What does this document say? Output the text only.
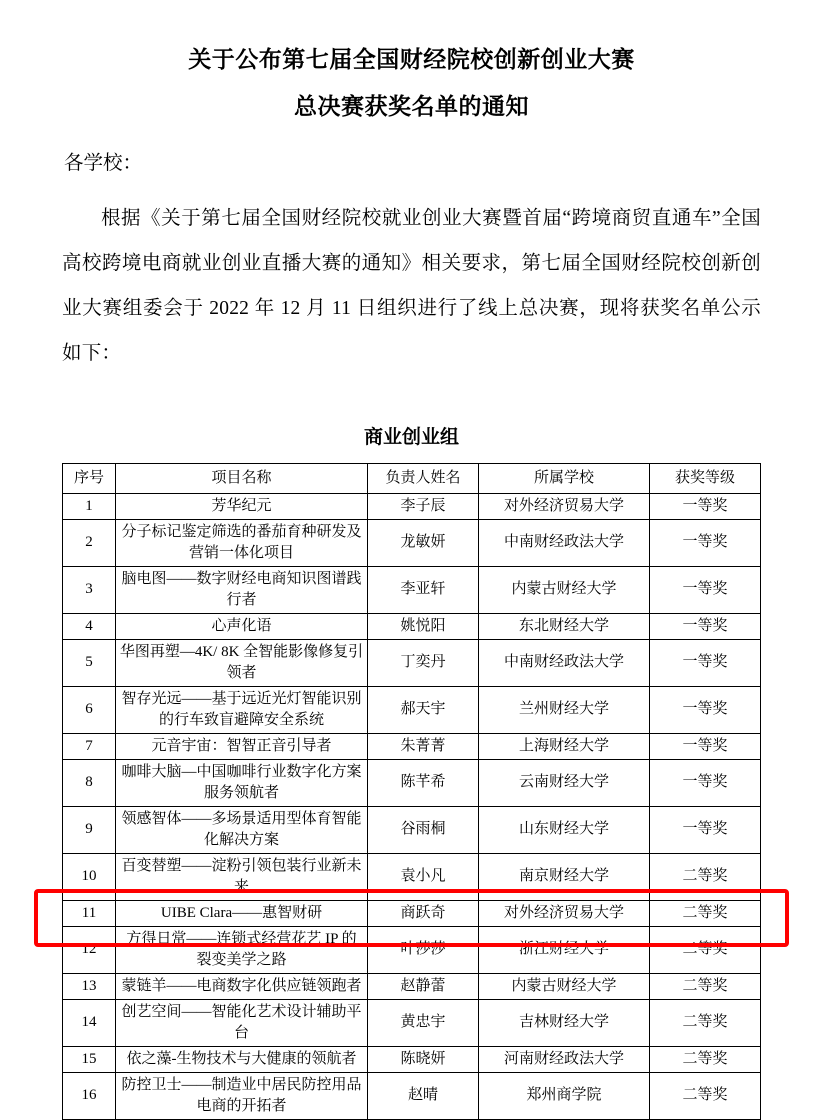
关于公布第七届全国财经院校创新创业大赛
总决赛获奖名单的通知
各学校：
根据《关于第七届全国财经院校就业创业大赛暨首届“跨境商贸直通车”全国高校跨境电商就业创业直播大赛的通知》相关要求，第七届全国财经院校创新创业大赛组委会于 2022 年 12 月 11 日组织进行了线上总决赛，现将获奖名单公示如下：
商业创业组
序号	项目名称	负责人姓名	所属学校	获奖等级
1	芳华纪元	李子辰	对外经济贸易大学	一等奖
2	分子标记鉴定筛选的番茄育种研发及营销一体化项目	龙敏妍	中南财经政法大学	一等奖
3	脑电图——数字财经电商知识图谱践行者	李亚轩	内蒙古财经大学	一等奖
4	心声化语	姚悦阳	东北财经大学	一等奖
5	华图再塑—4K/ 8K 全智能影像修复引领者	丁奕丹	中南财经政法大学	一等奖
6	智存光远——基于远近光灯智能识别的行车致盲避障安全系统	郝天宇	兰州财经大学	一等奖
7	元音宇宙：智智正音引导者	朱菁菁	上海财经大学	一等奖
8	咖啡大脑—中国咖啡行业数字化方案服务领航者	陈芊希	云南财经大学	一等奖
9	领感智体——多场景适用型体育智能化解决方案	谷雨桐	山东财经大学	一等奖
10	百变替塑——淀粉引领包装行业新未来	袁小凡	南京财经大学	二等奖
11	UIBE Clara——惠智财研	商跃奇	对外经济贸易大学	二等奖
12	方得日常——连锁式经营花艺 IP 的裂变美学之路	叶莎莎	浙江财经大学	二等奖
13	蒙链羊——电商数字化供应链领跑者	赵静蕾	内蒙古财经大学	二等奖
14	创艺空间——智能化艺术设计辅助平台	黄忠宇	吉林财经大学	二等奖
15	依之藻-生物技术与大健康的领航者	陈晓妍	河南财经政法大学	二等奖
16	防控卫士——制造业中居民防控用品电商的开拓者	赵晴	郑州商学院	二等奖
